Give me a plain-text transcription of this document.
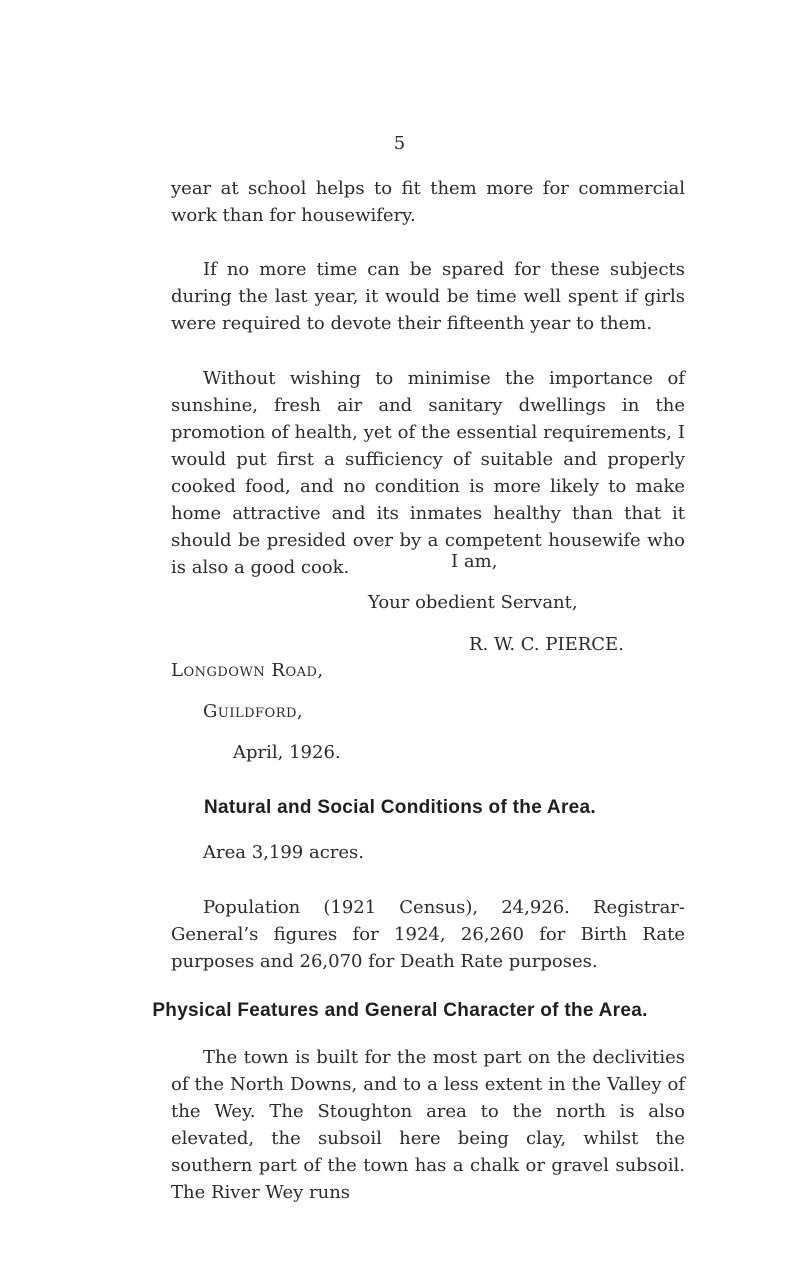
5

year at school helps to fit them more for commercial work than for housewifery.

If no more time can be spared for these subjects during the last year, it would be time well spent if girls were required to devote their fifteenth year to them.

Without wishing to minimise the importance of sunshine, fresh air and sanitary dwellings in the promotion of health, yet of the essential requirements, I would put first a sufficiency of suitable and properly cooked food, and no condition is more likely to make home attractive and its inmates healthy than that it should be presided over by a competent housewife who is also a good cook.	I am,
Your obedient Servant,
R. W. C. PIERCE.
Longdown Road,
Guildford,
April, 1926.
Natural and Social Conditions of the Area.
Area 3,199 acres.

Population (1921 Census), 24,926. Registrar-General’s figures for 1924, 26,260 for Birth Rate purposes and 26,070 for Death Rate purposes.

Physical Features and General Character of the Area.

The town is built for the most part on the declivities of the North Downs, and to a less extent in the Valley of the Wey. The Stoughton area to the north is also elevated, the subsoil here being clay, whilst the southern part of the town has a chalk or gravel subsoil. The River Wey runs
